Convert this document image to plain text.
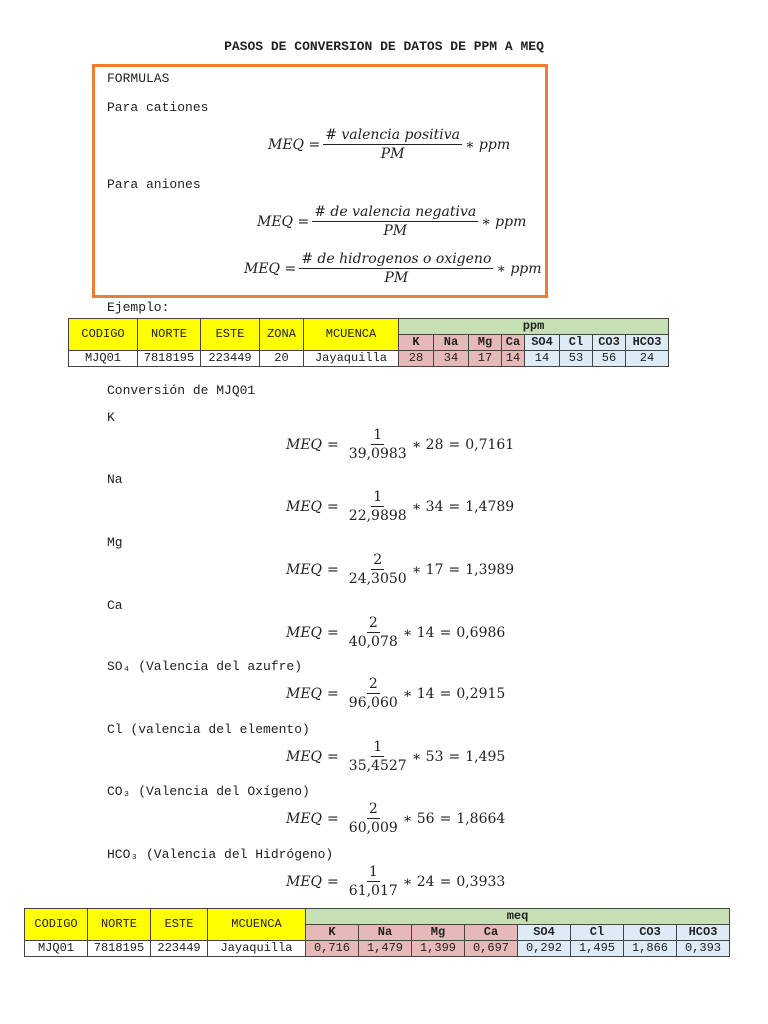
PASOS DE CONVERSION DE DATOS DE PPM A MEQ
FORMULAS
Para cationes
MEQ = $\frac{\text{\# valencia positiva}}{PM}$ ∗ ppm
Para aniones
MEQ = $\frac{\text{\# de valencia negativa}}{PM}$ ∗ ppm
MEQ = $\frac{\text{\# de hidrogenos o oxigeno}}{PM}$ ∗ ppm
Ejemplo:
CODIGO	NORTE	ESTE	ZONA	MCUENCA	ppm							
					K	Na	Mg	Ca	SO4	Cl	CO3	HCO3
MJQ01	7818195	223449	20	Jayaquilla	28	34	17	14	14	53	56	24
Conversión de MJQ01
K
MEQ = $\frac{1}{39,0983}$ ∗
28 = 0,7161
Na
MEQ = $\frac{1}{22,9898}$ ∗
34 = 1,4789
Mg
MEQ = $\frac{2}{24,3050}$ ∗
17 = 1,3989
Ca
MEQ = $\frac{2}{40,078}$ ∗
14 = 0,6986
SO₄ (Valencia del azufre)
MEQ = $\frac{2}{96,060}$ ∗
14 = 0,2915
Cl (valencia del elemento)
MEQ = $\frac{1}{35,4527}$ ∗
53 = 1,495
CO₃ (Valencia del Oxígeno)
MEQ = $\frac{2}{60,009}$ ∗
56 = 1,8664
HCO₃ (Valencia del Hidrógeno)
MEQ = $\frac{1}{61,017}$ ∗
24 = 0,3933
CODIGO	NORTE	ESTE	MCUENCA	meq							
				K	Na	Mg	Ca	SO4	Cl	CO3	HCO3
MJQ01	7818195	223449	Jayaquilla	0,716	1,479	1,399	0,697	0,292	1,495	1,866	0,393
